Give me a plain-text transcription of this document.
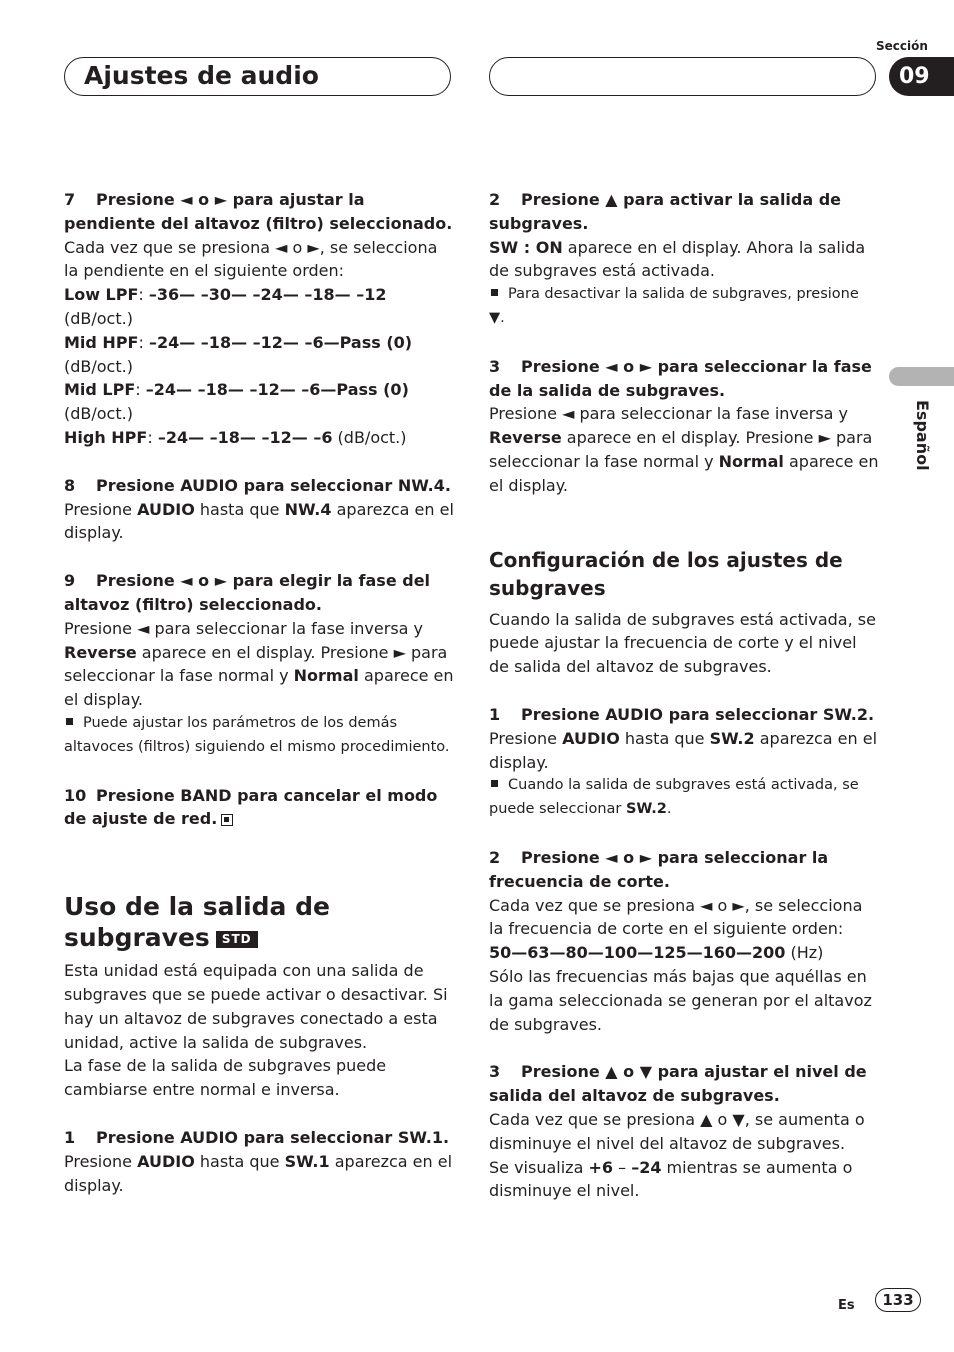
Ajustes de audio
Sección
09
Español

7 Presione ◄ o ► para ajustar la pendiente del altavoz (filtro) seleccionado.

Cada vez que se presiona ◄ o ►, se selecciona la pendiente en el siguiente orden:

Low LPF: –36— –30— –24— –18— –12 (dB/oct.)

Mid HPF: –24— –18— –12— –6—Pass (0) (dB/oct.)

Mid LPF: –24— –18— –12— –6—Pass (0) (dB/oct.)

High HPF: –24— –18— –12— –6 (dB/oct.)

8 Presione AUDIO para seleccionar NW.4.

Presione AUDIO hasta que NW.4 aparezca en el display.

9 Presione ◄ o ► para elegir la fase del altavoz (filtro) seleccionado.

Presione ◄ para seleccionar la fase inversa y Reverse aparece en el display. Presione ► para seleccionar la fase normal y Normal aparece en el display.

Puede ajustar los parámetros de los demás altavoces (filtros) siguiendo el mismo procedimiento.

10 Presione BAND para cancelar el modo de ajuste de red.

Uso de la salida de subgraves STD

Esta unidad está equipada con una salida de subgraves que se puede activar o desactivar. Si hay un altavoz de subgraves conectado a esta unidad, active la salida de subgraves.

La fase de la salida de subgraves puede cambiarse entre normal e inversa.

1 Presione AUDIO para seleccionar SW.1.

Presione AUDIO hasta que SW.1 aparezca en el display.

2 Presione ▲ para activar la salida de subgraves.

SW : ON aparece en el display. Ahora la salida de subgraves está activada.

Para desactivar la salida de subgraves, presione ▼.

3 Presione ◄ o ► para seleccionar la fase de la salida de subgraves.

Presione ◄ para seleccionar la fase inversa y Reverse aparece en el display. Presione ► para seleccionar la fase normal y Normal aparece en el display.

Configuración de los ajustes de subgraves

Cuando la salida de subgraves está activada, se puede ajustar la frecuencia de corte y el nivel de salida del altavoz de subgraves.

1 Presione AUDIO para seleccionar SW.2.

Presione AUDIO hasta que SW.2 aparezca en el display.

Cuando la salida de subgraves está activada, se puede seleccionar SW.2.

2 Presione ◄ o ► para seleccionar la frecuencia de corte.

Cada vez que se presiona ◄ o ►, se selecciona la frecuencia de corte en el siguiente orden:

50—63—80—100—125—160—200 (Hz)

Sólo las frecuencias más bajas que aquéllas en la gama seleccionada se generan por el altavoz de subgraves.

3 Presione ▲ o ▼ para ajustar el nivel de salida del altavoz de subgraves.

Cada vez que se presiona ▲ o ▼, se aumenta o disminuye el nivel del altavoz de subgraves.

Se visualiza +6 – –24 mientras se aumenta o disminuye el nivel.

Es	133
